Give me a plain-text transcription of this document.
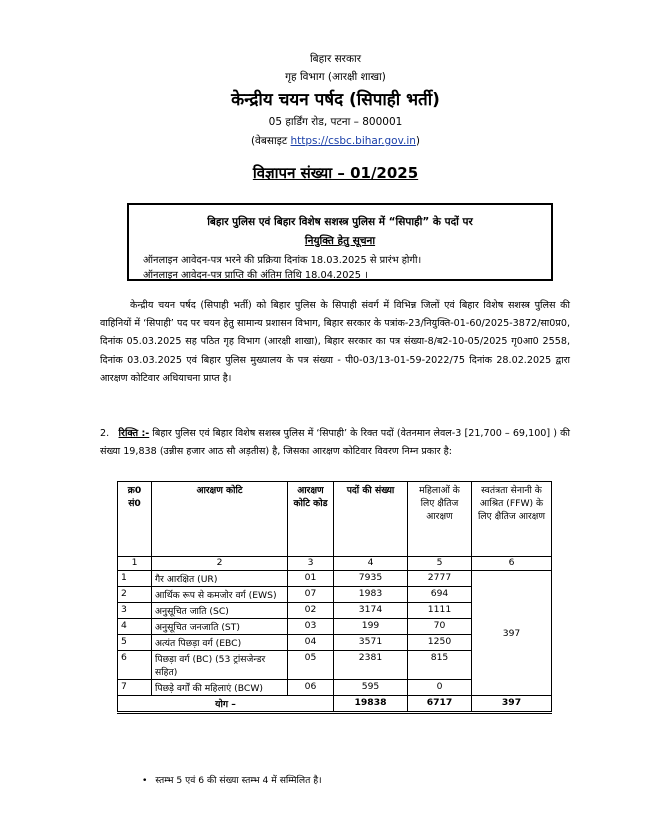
बिहार सरकार
गृह विभाग (आरक्षी शाखा)
केन्द्रीय चयन पर्षद (सिपाही भर्ती)
05 हार्डिंग रोड, पटना – 800001
(वेबसाइट https://csbc.bihar.gov.in)
विज्ञापन संख्या – 01/2025
बिहार पुलिस एवं बिहार विशेष सशस्त्र पुलिस में “सिपाही” के पदों पर
नियुक्ति हेतु सूचना
ऑनलाइन आवेदन-पत्र भरने की प्रक्रिया दिनांक 18.03.2025 से प्रारंभ होगी।
ऑनलाइन आवेदन-पत्र प्राप्ति की अंतिम तिथि 18.04.2025 ।
केन्द्रीय चयन पर्षद (सिपाही भर्ती) को बिहार पुलिस के सिपाही संवर्ग में विभिन्न जिलों एवं बिहार विशेष सशस्त्र पुलिस की वाहिनियों में ‘सिपाही’ पद पर चयन हेतु सामान्य प्रशासन विभाग, बिहार सरकार के पत्रांक-23/नियुक्ति-01-60/2025-3872/सा0प्र0, दिनांक 05.03.2025 सह पठित गृह विभाग (आरक्षी शाखा), बिहार सरकार का पत्र संख्या-8/ब2-10-05/2025 गृ0आ0 2558, दिनांक 03.03.2025 एवं बिहार पुलिस मुख्यालय के पत्र संख्या - पी0-03/13-01-59-2022/75 दिनांक 28.02.2025 द्वारा आरक्षण कोटिवार अधियाचना प्राप्त है।
2. रिक्ति :- बिहार पुलिस एवं बिहार विशेष सशस्त्र पुलिस में ‘सिपाही’ के रिक्त पदों (वेतनमान लेवल-3 [21,700 – 69,100] ) की संख्या 19,838 (उन्नीस हजार आठ सौ अड़तीस) है, जिसका आरक्षण कोटिवार विवरण निम्न प्रकार है:
क्र0 सं0	आरक्षण कोटि	आरक्षण कोटि कोड	पदों की संख्या	महिलाओं के लिए क्षैतिज आरक्षण	स्वतंत्रता सेनानी के आश्रित (FFW) के लिए क्षैतिज आरक्षण
1	2	3	4	5	6
1	गैर आरक्षित (UR)	01	7935	2777	397
2	आर्थिक रूप से कमजोर वर्ग (EWS)	07	1983	694	
3	अनुसूचित जाति (SC)	02	3174	1111	
4	अनुसूचित जनजाति (ST)	03	199	70	
5	अत्यंत पिछड़ा वर्ग (EBC)	04	3571	1250	
6	पिछड़ा वर्ग (BC) (53 ट्रांसजेन्डर सहित)	05	2381	815	
7	पिछड़े वर्गों की महिलाएं (BCW)	06	595	0	
योग –			19838	6717	397
• स्तम्भ 5 एवं 6 की संख्या स्तम्भ 4 में सम्मिलित है।
